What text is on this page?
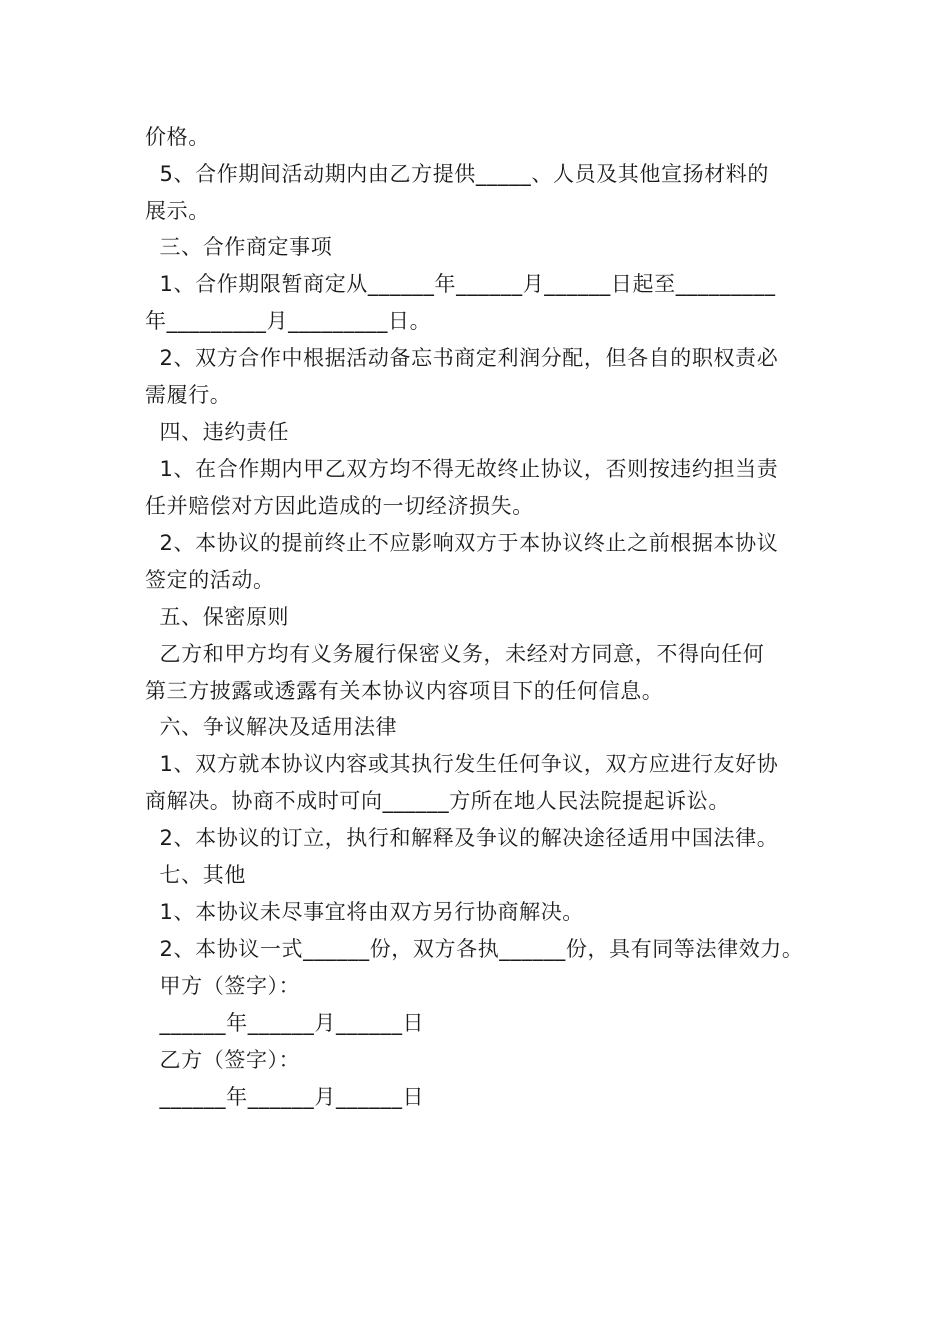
价格。
5、合作期间活动期内由乙方提供_____、人员及其他宣扬材料的
展示。
三、合作商定事项
1、合作期限暂商定从______年______月______日起至_________
年_________月_________日。
2、双方合作中根据活动备忘书商定利润分配，但各自的职权责必
需履行。
四、违约责任
1、在合作期内甲乙双方均不得无故终止协议，否则按违约担当责
任并赔偿对方因此造成的一切经济损失。
2、本协议的提前终止不应影响双方于本协议终止之前根据本协议
签定的活动。
五、保密原则
乙方和甲方均有义务履行保密义务，未经对方同意，不得向任何
第三方披露或透露有关本协议内容项目下的任何信息。
六、争议解决及适用法律
1、双方就本协议内容或其执行发生任何争议，双方应进行友好协
商解决。协商不成时可向______方所在地人民法院提起诉讼。
2、本协议的订立，执行和解释及争议的解决途径适用中国法律。
七、其他
1、本协议未尽事宜将由双方另行协商解决。
2、本协议一式______份，双方各执______份，具有同等法律效力。
甲方（签字）：
______年______月______日
乙方（签字）：
______年______月______日
